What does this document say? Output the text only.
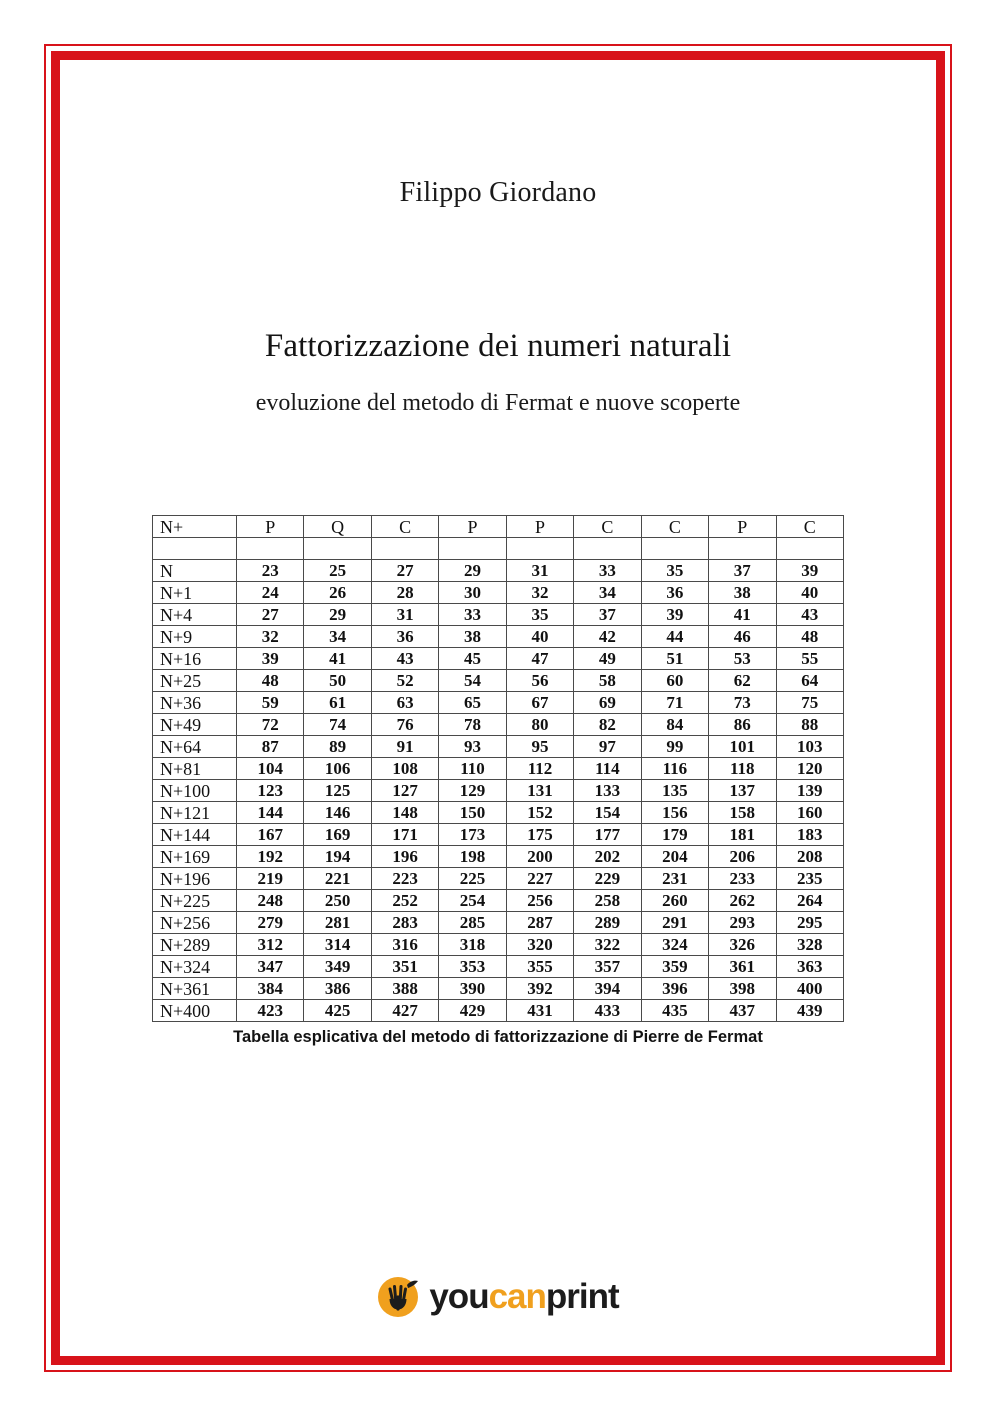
Filippo Giordano
Fattorizzazione dei numeri naturali
evoluzione del metodo di Fermat e nuove scoperte
N+	P	Q	C	P	P	C	C	P	C

N	23	25	27	29	31	33	35	37	39
N+1	24	26	28	30	32	34	36	38	40
N+4	27	29	31	33	35	37	39	41	43
N+9	32	34	36	38	40	42	44	46	48
N+16	39	41	43	45	47	49	51	53	55
N+25	48	50	52	54	56	58	60	62	64
N+36	59	61	63	65	67	69	71	73	75
N+49	72	74	76	78	80	82	84	86	88
N+64	87	89	91	93	95	97	99	101	103
N+81	104	106	108	110	112	114	116	118	120
N+100	123	125	127	129	131	133	135	137	139
N+121	144	146	148	150	152	154	156	158	160
N+144	167	169	171	173	175	177	179	181	183
N+169	192	194	196	198	200	202	204	206	208
N+196	219	221	223	225	227	229	231	233	235
N+225	248	250	252	254	256	258	260	262	264
N+256	279	281	283	285	287	289	291	293	295
N+289	312	314	316	318	320	322	324	326	328
N+324	347	349	351	353	355	357	359	361	363
N+361	384	386	388	390	392	394	396	398	400
N+400	423	425	427	429	431	433	435	437	439
Tabella esplicativa del metodo di fattorizzazione di Pierre de Fermat
youcanprint
